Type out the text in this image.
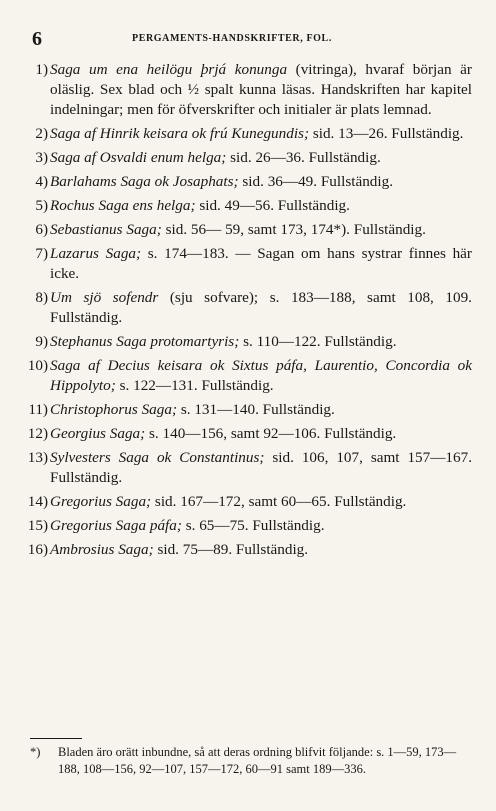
6	PERGAMENTS-HANDSKRIFTER, FOL.
1) Saga um ena heilögu þrjá konunga (vitringa), hvaraf början är oläslig. Sex blad och ½ spalt kunna läsas. Handskriften har kapitel indelningar; men för öfverskrifter och initialer är plats lemnad.
2) Saga af Hinrik keisara ok frú Kunegundis; sid. 13—26. Fullständig.
3) Saga af Osvaldi enum helga; sid. 26—36. Fullständig.
4) Barlahams Saga ok Josaphats; sid. 36—49. Fullständig.
5) Rochus Saga ens helga; sid. 49—56. Fullständig.
6) Sebastianus Saga; sid. 56— 59, samt 173, 174*). Fullständig.
7) Lazarus Saga; s. 174—183. — Sagan om hans systrar finnes här icke.
8) Um sjö sofendr (sju sofvare); s. 183—188, samt 108, 109. Fullständig.
9) Stephanus Saga protomartyris; s. 110—122. Fullständig.
10) Saga af Decius keisara ok Sixtus páfa, Laurentio, Concordia ok Hippolyto; s. 122—131. Fullständig.
11) Christophorus Saga; s. 131—140. Fullständig.
12) Georgius Saga; s. 140—156, samt 92—106. Fullständig.
13) Sylvesters Saga ok Constantinus; sid. 106, 107, samt 157—167. Fullständig.
14) Gregorius Saga; sid. 167—172, samt 60—65. Fullständig.
15) Gregorius Saga páfa; s. 65—75. Fullständig.
16) Ambrosius Saga; sid. 75—89. Fullständig.
*)	Bladen äro orätt inbundne, så att deras ordning blifvit följande: s. 1—59, 173—188, 108—156, 92—107, 157—172, 60—91 samt 189—336.
